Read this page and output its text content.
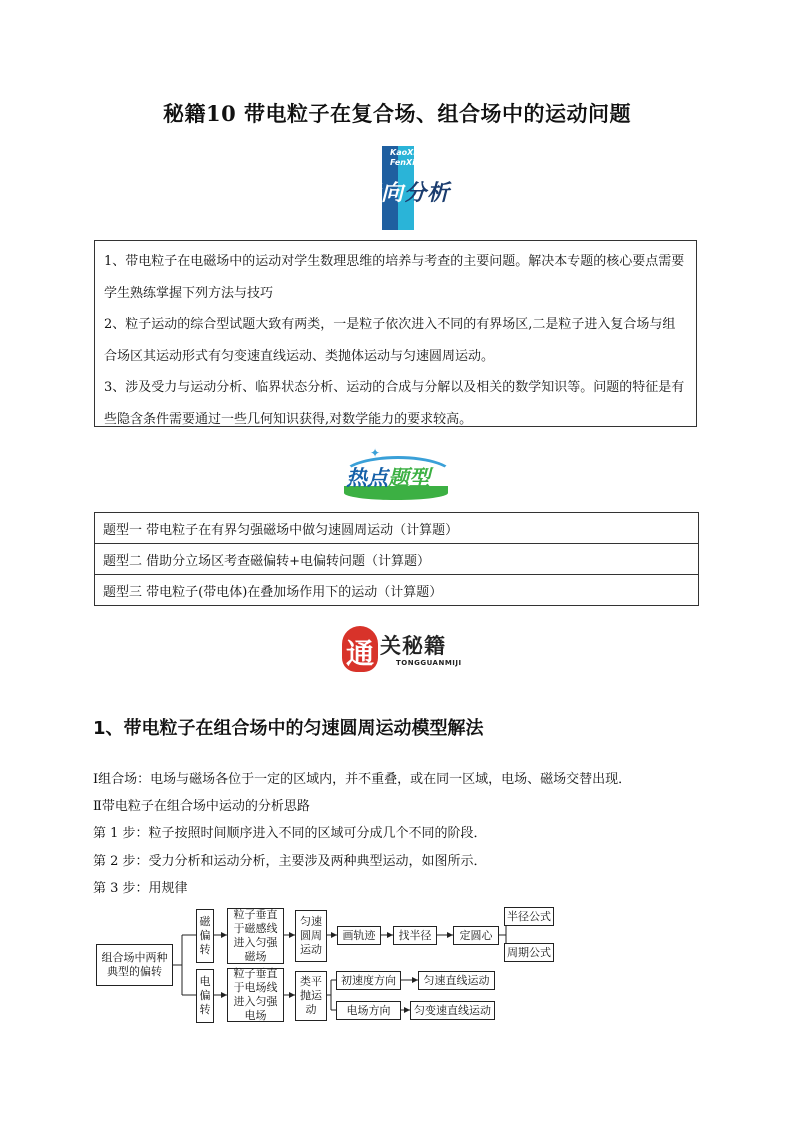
秘籍10 带电粒子在复合场、组合场中的运动问题
KaoXiang
FenXi
考向分析

1、带电粒子在电磁场中的运动对学生数理思维的培养与考查的主要问题。解决本专题的核心要点需要学生熟练掌握下列方法与技巧

2、粒子运动的综合型试题大致有两类，一是粒子依次进入不同的有界场区,二是粒子进入复合场与组合场区其运动形式有匀变速直线运动、类抛体运动与匀速圆周运动。

3、涉及受力与运动分析、临界状态分析、运动的合成与分解以及相关的数学知识等。问题的特征是有些隐含条件需要通过一些几何知识获得,对数学能力的要求较高。

✦
热点题型
题型一 带电粒子在有界匀强磁场中做匀速圆周运动（计算题）
题型二 借助分立场区考查磁偏转+电偏转问题（计算题）
题型三 带电粒子(带电体)在叠加场作用下的运动（计算题）
通 关秘籍
TONGGUANMIJI
1、带电粒子在组合场中的匀速圆周运动模型解法
Ⅰ组合场：电场与磁场各位于一定的区域内，并不重叠，或在同一区域，电场、磁场交替出现．
Ⅱ带电粒子在组合场中运动的分析思路
第 1 步：粒子按照时间顺序进入不同的区域可分成几个不同的阶段．
第 2 步：受力分析和运动分析，主要涉及两种典型运动，如图所示．
第 3 步：用规律
组合场中两种典型的偏转
磁偏转
粒子垂直于磁感线进入匀强磁场
匀速圆周运动
画轨迹	找半径	定圆心
半径公式
周期公式
电偏转
粒子垂直于电场线进入匀强电场
类平抛运动
初速度方向	匀速直线运动
电场方向	匀变速直线运动
